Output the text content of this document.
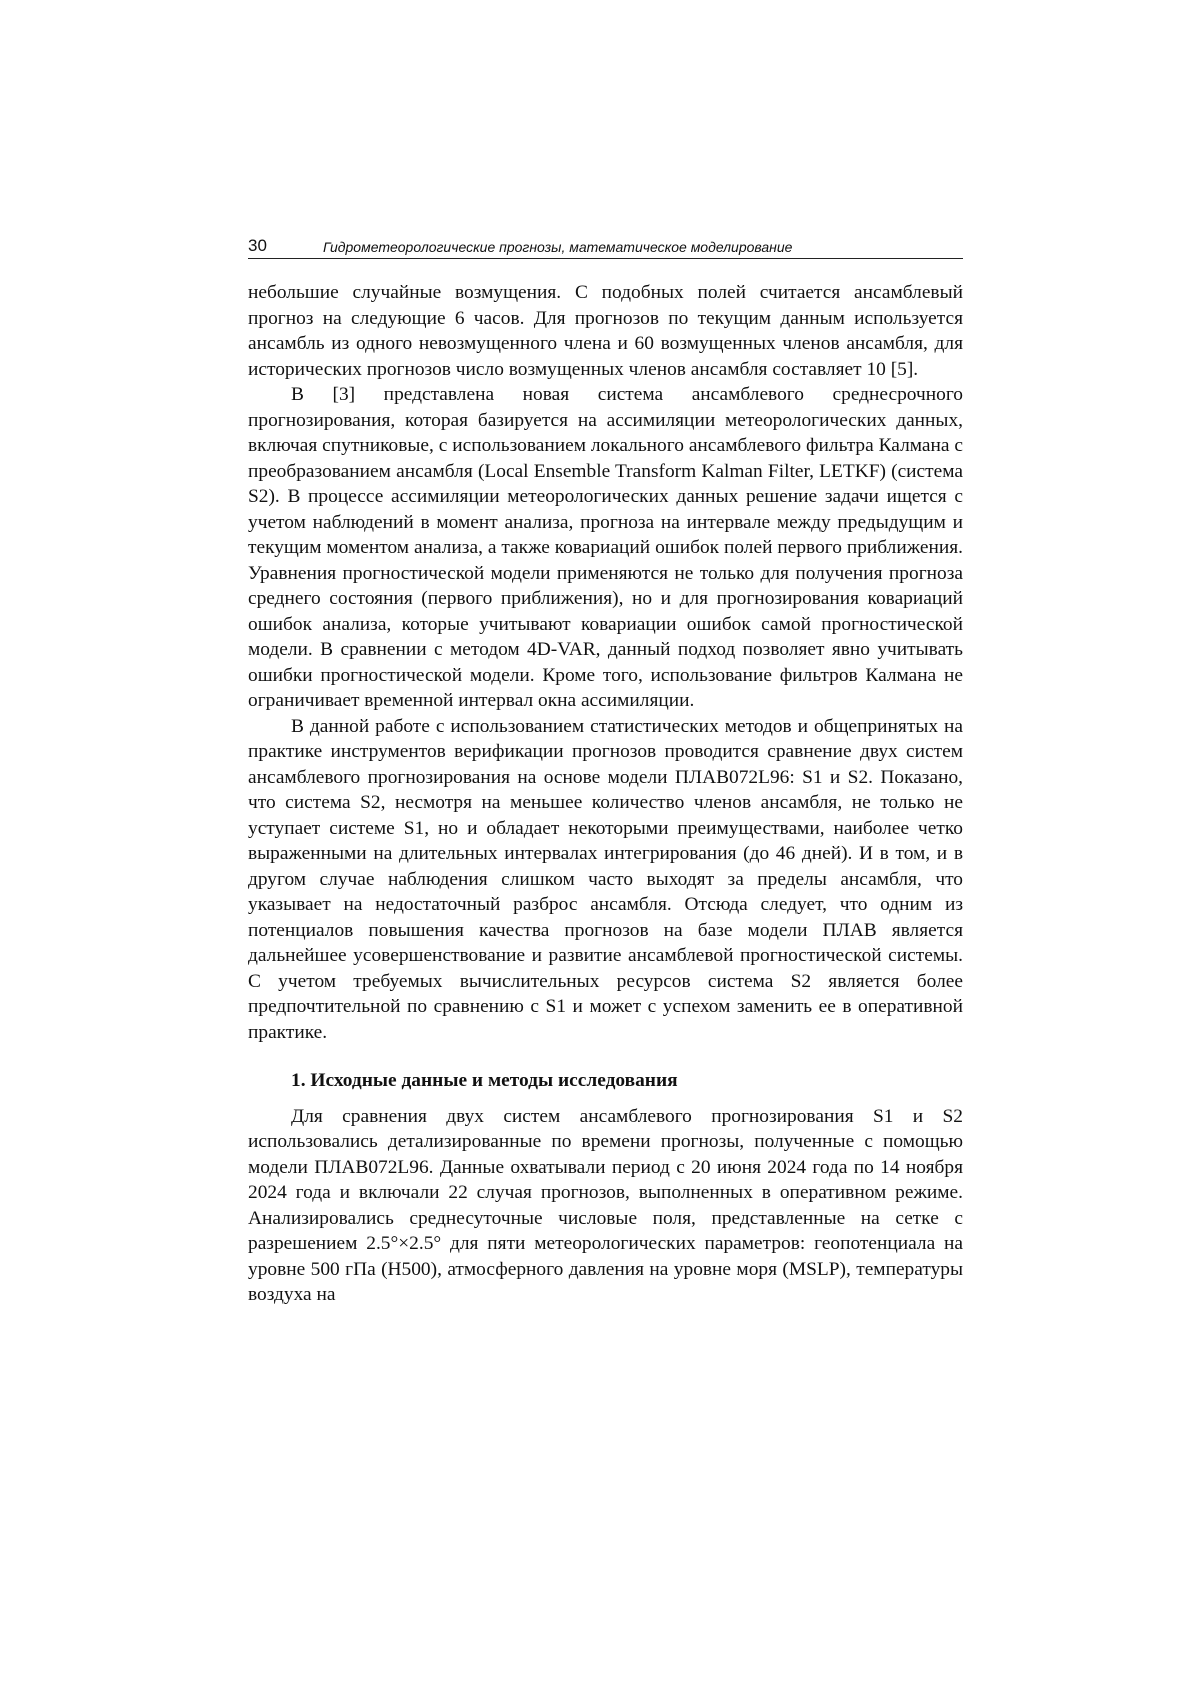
30	Гидрометеорологические прогнозы, математическое моделирование

небольшие случайные возмущения. С подобных полей считается ансамблевый прогноз на следующие 6 часов. Для прогнозов по текущим данным используется ансамбль из одного невозмущенного члена и 60 возмущенных членов ансамбля, для исторических прогнозов число возмущенных членов ансамбля составляет 10 [5].

В [3] представлена новая система ансамблевого среднесрочного прогнозирования, которая базируется на ассимиляции метеорологических данных, включая спутниковые, с использованием локального ансамблевого фильтра Калмана с преобразованием ансамбля (Local Ensemble Transform Kalman Filter, LETKF) (система S2). В процессе ассимиляции метеорологических данных решение задачи ищется с учетом наблюдений в момент анализа, прогноза на интервале между предыдущим и текущим моментом анализа, а также ковариаций ошибок полей первого приближения. Уравнения прогностической модели применяются не только для получения прогноза среднего состояния (первого приближения), но и для прогнозирования ковариаций ошибок анализа, которые учитывают ковариации ошибок самой прогностической модели. В сравнении с методом 4D-VAR, данный подход позволяет явно учитывать ошибки прогностической модели. Кроме того, использование фильтров Калмана не ограничивает временной интервал окна ассимиляции.

В данной работе с использованием статистических методов и общепринятых на практике инструментов верификации прогнозов проводится сравнение двух систем ансамблевого прогнозирования на основе модели ПЛАВ072L96: S1 и S2. Показано, что система S2, несмотря на меньшее количество членов ансамбля, не только не уступает системе S1, но и обладает некоторыми преимуществами, наиболее четко выраженными на длительных интервалах интегрирования (до 46 дней). И в том, и в другом случае наблюдения слишком часто выходят за пределы ансамбля, что указывает на недостаточный разброс ансамбля. Отсюда следует, что одним из потенциалов повышения качества прогнозов на базе модели ПЛАВ является дальнейшее усовершенствование и развитие ансамблевой прогностической системы. С учетом требуемых вычислительных ресурсов система S2 является более предпочтительной по сравнению с S1 и может с успехом заменить ее в оперативной практике.

1. Исходные данные и методы исследования

Для сравнения двух систем ансамблевого прогнозирования S1 и S2 использовались детализированные по времени прогнозы, полученные с помощью модели ПЛАВ072L96. Данные охватывали период с 20 июня 2024 года по 14 ноября 2024 года и включали 22 случая прогнозов, выполненных в оперативном режиме. Анализировались среднесуточные числовые поля, представленные на сетке с разрешением 2.5°×2.5° для пяти метеорологических параметров: геопотенциала на уровне 500 гПа (H500), атмосферного давления на уровне моря (MSLP), температуры воздуха на
